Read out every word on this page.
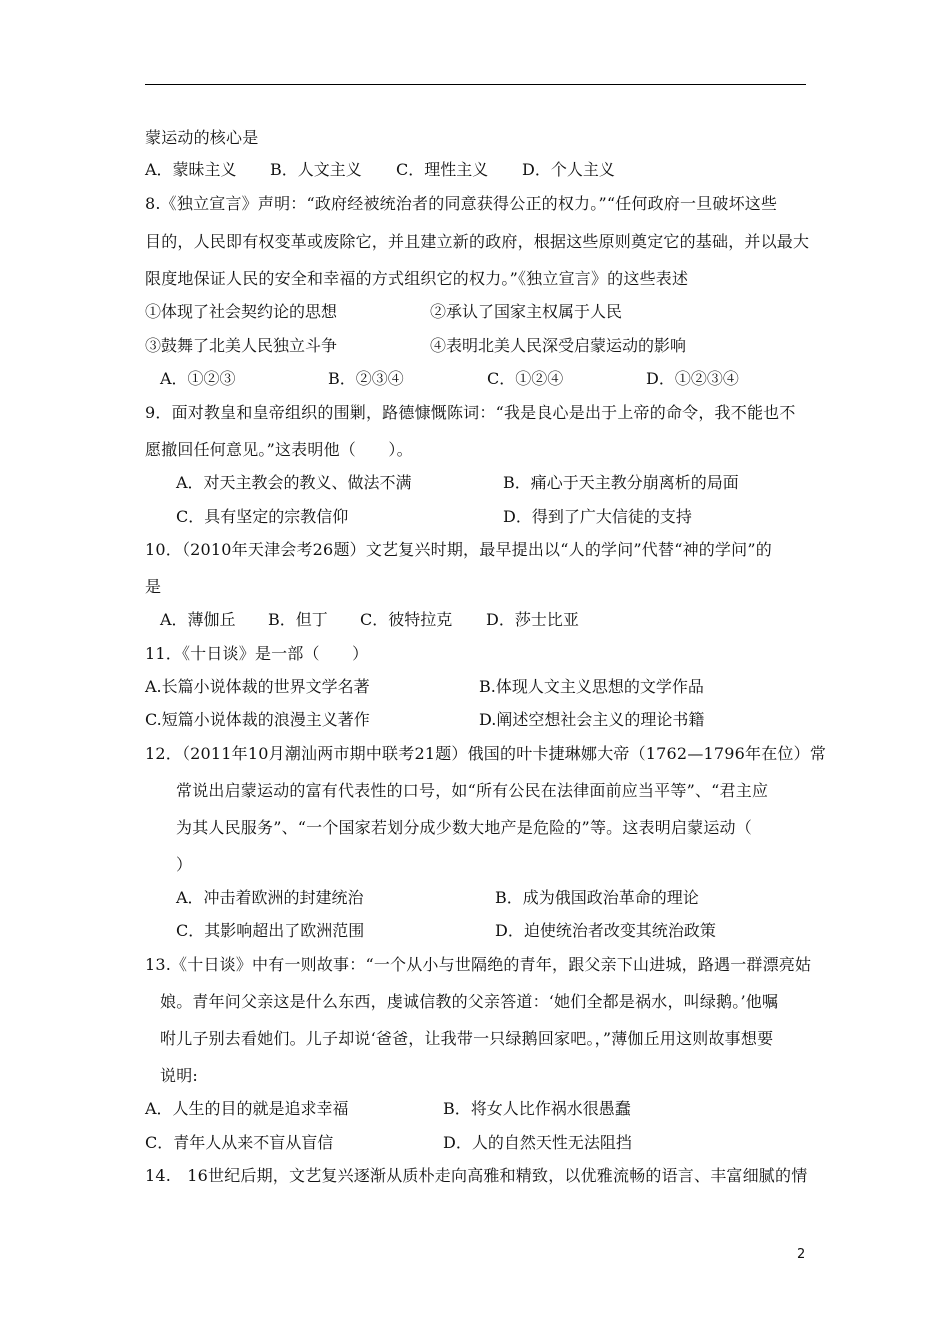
蒙运动的核心是
A．蒙昧主义 B．人文主义 C．理性主义 D．个人主义
8.《独立宣言》声明：“政府经被统治者的同意获得公正的权力。”“任何政府一旦破坏这些
目的，人民即有权变革或废除它，并且建立新的政府，根据这些原则奠定它的基础，并以最大
限度地保证人民的安全和幸福的方式组织它的权力。”《独立宣言》的这些表述
①体现了社会契约论的思想	②承认了国家主权属于人民
③鼓舞了北美人民独立斗争	④表明北美人民深受启蒙运动的影响
A．①②③	B．②③④	C．①②④	D．①②③④
9．面对教皇和皇帝组织的围剿，路德慷慨陈词：“我是良心是出于上帝的命令，我不能也不
愿撤回任何意见。”这表明他（　　）。
A．对天主教会的教义、做法不满	B．痛心于天主教分崩离析的局面
C．具有坚定的宗教信仰	D．得到了广大信徒的支持
10．（2010年天津会考26题）文艺复兴时期，最早提出以“人的学问”代替“神的学问”的
是
A．薄伽丘 B．但丁 C．彼特拉克 D．莎士比亚
11．《十日谈》是一部（　　）
A.长篇小说体裁的世界文学名著	B.体现人文主义思想的文学作品
C.短篇小说体裁的浪漫主义著作	D.阐述空想社会主义的理论书籍
12．（2011年10月潮汕两市期中联考21题）俄国的叶卡捷琳娜大帝（1762—1796年在位）常
常说出启蒙运动的富有代表性的口号，如“所有公民在法律面前应当平等”、“君主应
为其人民服务”、“一个国家若划分成少数大地产是危险的”等。这表明启蒙运动（
）
A．冲击着欧洲的封建统治	B．成为俄国政治革命的理论
C．其影响超出了欧洲范围	D．迫使统治者改变其统治政策
13.《十日谈》中有一则故事：“一个从小与世隔绝的青年，跟父亲下山进城，路遇一群漂亮姑
娘。青年问父亲这是什么东西，虔诚信教的父亲答道：‘她们全都是祸水，叫绿鹅。’他嘱
咐儿子别去看她们。儿子却说‘爸爸，让我带一只绿鹅回家吧。，”薄伽丘用这则故事想要
说明:
A．人生的目的就是追求幸福	B．将女人比作祸水很愚蠢
C．青年人从来不盲从盲信	D．人的自然天性无法阻挡
14.　16世纪后期，文艺复兴逐渐从质朴走向高雅和精致，以优雅流畅的语言、丰富细腻的情
2
